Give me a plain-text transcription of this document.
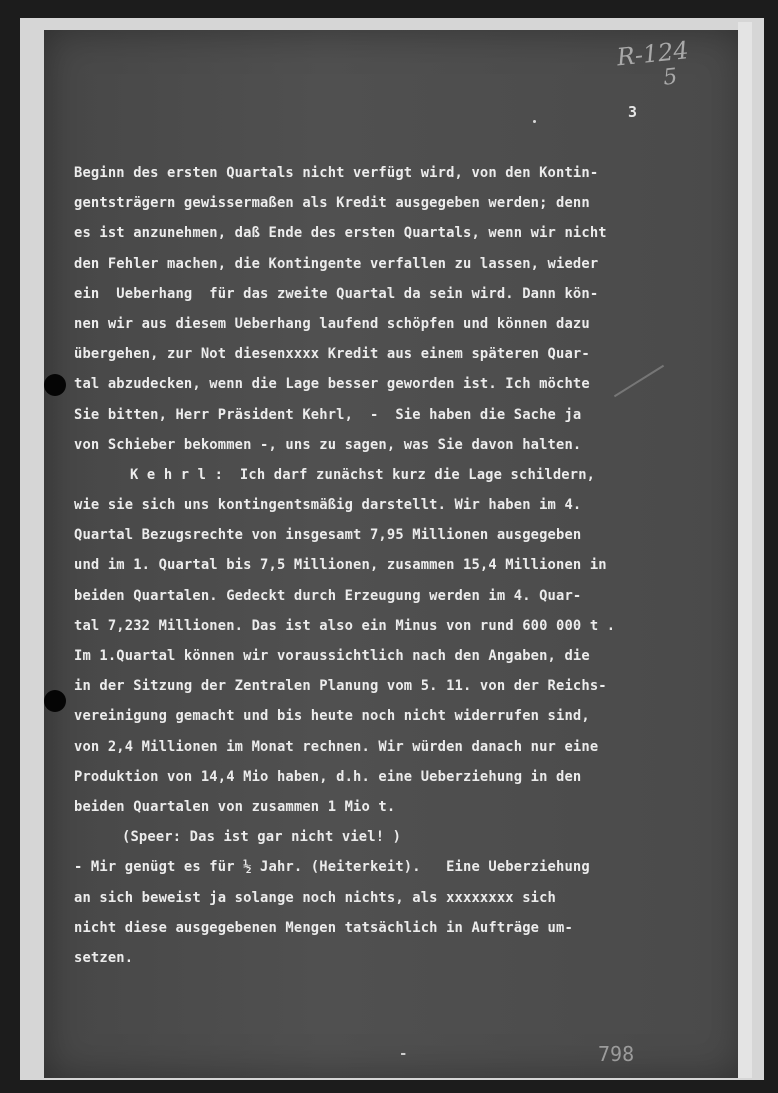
R-124
5
3
Beginn des ersten Quartals nicht verfügt wird, von den Kontin-
gentsträgern gewissermaßen als Kredit ausgegeben werden; denn
es ist anzunehmen, daß Ende des ersten Quartals, wenn wir nicht
den Fehler machen, die Kontingente verfallen zu lassen, wieder
ein  Ueberhang  für das zweite Quartal da sein wird. Dann kön-
nen wir aus diesem Ueberhang laufend schöpfen und können dazu
übergehen, zur Not diesenxxxx Kredit aus einem späteren Quar-
tal abzudecken, wenn die Lage besser geworden ist. Ich möchte
Sie bitten, Herr Präsident Kehrl,  -  Sie haben die Sache ja
von Schieber bekommen -, uns zu sagen, was Sie davon halten.
K e h r l :  Ich darf zunächst kurz die Lage schildern,
wie sie sich uns kontingentsmäßig darstellt. Wir haben im 4.
Quartal Bezugsrechte von insgesamt 7,95 Millionen ausgegeben
und im 1. Quartal bis 7,5 Millionen, zusammen 15,4 Millionen in
beiden Quartalen. Gedeckt durch Erzeugung werden im 4. Quar-
tal 7,232 Millionen. Das ist also ein Minus von rund 600 000 t .
Im 1.Quartal können wir voraussichtlich nach den Angaben, die
in der Sitzung der Zentralen Planung vom 5. 11. von der Reichs-
vereinigung gemacht und bis heute noch nicht widerrufen sind,
von 2,4 Millionen im Monat rechnen. Wir würden danach nur eine
Produktion von 14,4 Mio haben, d.h. eine Ueberziehung in den
beiden Quartalen von zusammen 1 Mio t.
(Speer: Das ist gar nicht viel! )
- Mir genügt es für ½ Jahr. (Heiterkeit).   Eine Ueberziehung
an sich beweist ja solange noch nichts, als xxxxxxxx sich
nicht diese ausgegebenen Mengen tatsächlich in Aufträge um-
setzen.
-	798
